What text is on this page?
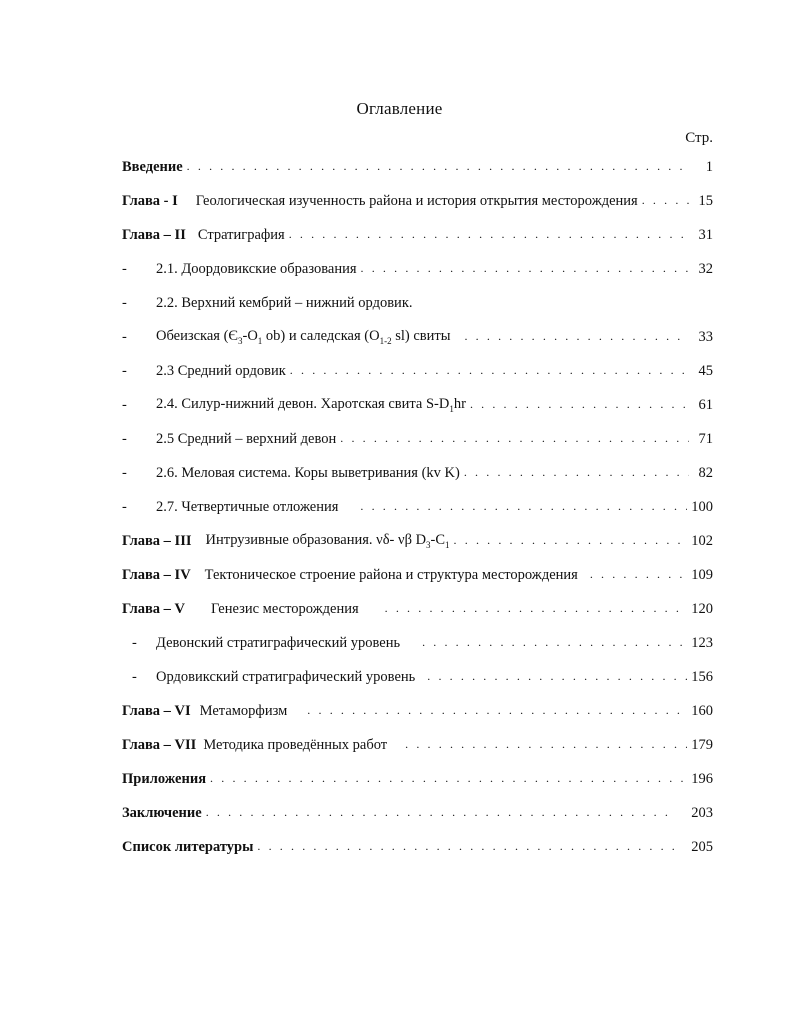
Оглавление
Стр.
Введение . . .	1
Глава - I Геологическая изученность района и история открытия месторождения . . .	15
Глава – II Стратиграфия . . .	31
-	2.1. Доордовикские образования . . .	32
-	2.2. Верхний кембрий – нижний ордовик.
-	Обеизская ($Є_3-O_1$ ob) и саледская ($O_{1-2}$ sl) свиты . . .	33
-	2.3 Средний ордовик . . .	45
-	2.4. Силур-нижний девон. Харотская свита $S-D_1hr$ . . .	61
-	2.5 Средний – верхний девон . . .	71
-	2.6. Меловая система. Коры выветривания (kv K) . . .	82
-	2.7. Четвертичные отложения . . .	100
Глава – III Интрузивные образования. νδ- νβ $D_3-C_1$ . . .	102
Глава – IV Тектоническое строение района и структура месторождения . . .	109
Глава – V Генезис месторождения . . .	120
-	Девонский стратиграфический уровень . . .	123
-	Ордовикский стратиграфический уровень . . .	156
Глава – VI Метаморфизм . . .	160
Глава – VII Методика проведённых работ . . .	179
Приложения . . .	196
Заключение . . .	203
Список литературы . . .	205
